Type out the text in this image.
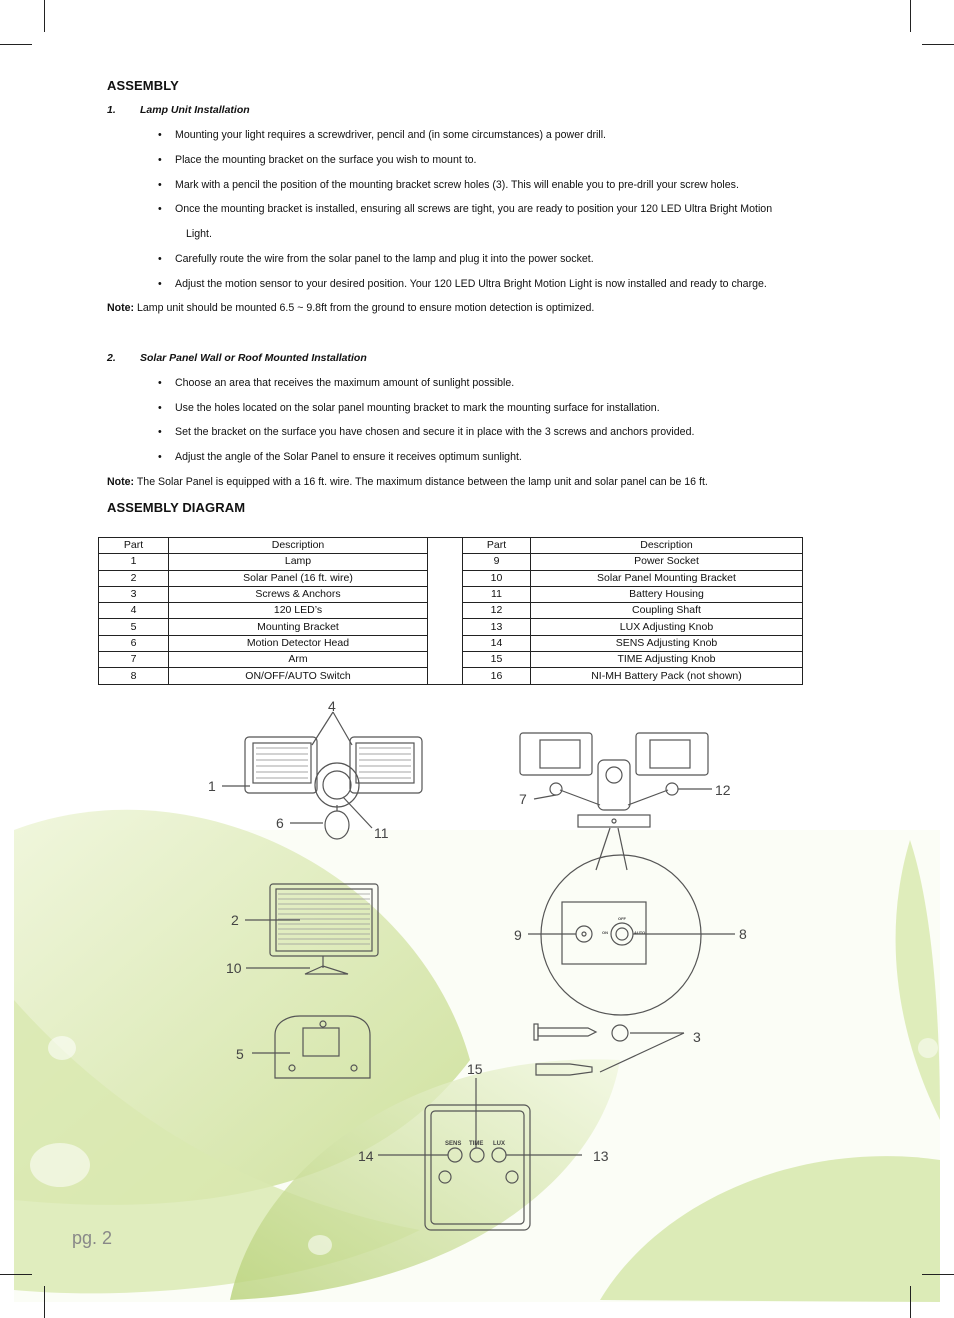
ASSEMBLY
1. Lamp Unit Installation
• Mounting your light requires a screwdriver, pencil and (in some circumstances) a power drill.
• Place the mounting bracket on the surface you wish to mount to.
• Mark with a pencil the position of the mounting bracket screw holes (3). This will enable you to pre-drill your screw holes.
• Once the mounting bracket is installed, ensuring all screws are tight, you are ready to position your 120 LED Ultra Bright Motion
Light.
• Carefully route the wire from the solar panel to the lamp and plug it into the power socket.
• Adjust the motion sensor to your desired position. Your 120 LED Ultra Bright Motion Light is now installed and ready to charge.
Note: Lamp unit should be mounted 6.5 ~ 9.8ft from the ground to ensure motion detection is optimized.
2. Solar Panel Wall or Roof Mounted Installation
• Choose an area that receives the maximum amount of sunlight possible.
• Use the holes located on the solar panel mounting bracket to mark the mounting surface for installation.
• Set the bracket on the surface you have chosen and secure it in place with the 3 screws and anchors provided.
• Adjust the angle of the Solar Panel to ensure it receives optimum sunlight.
Note: The Solar Panel is equipped with a 16 ft. wire. The maximum distance between the lamp unit and solar panel can be 16 ft.
ASSEMBLY DIAGRAM
Part	Description		Part	Description
1	Lamp		9	Power Socket
2	Solar Panel (16 ft. wire)		10	Solar Panel Mounting Bracket
3	Screws & Anchors		11	Battery Housing
4	120 LED’s		12	Coupling Shaft
5	Mounting Bracket		13	LUX Adjusting Knob
6	Motion Detector Head		14	SENS Adjusting Knob
7	Arm		15	TIME Adjusting Knob
8	ON/OFF/AUTO Switch		16	NI-MH Battery Pack (not shown)
4
1
6
11
7
12
9	8
2
10
5
3
15
14	13
SENS TIME LUX
ON
OFF
AUTO
pg. 2
